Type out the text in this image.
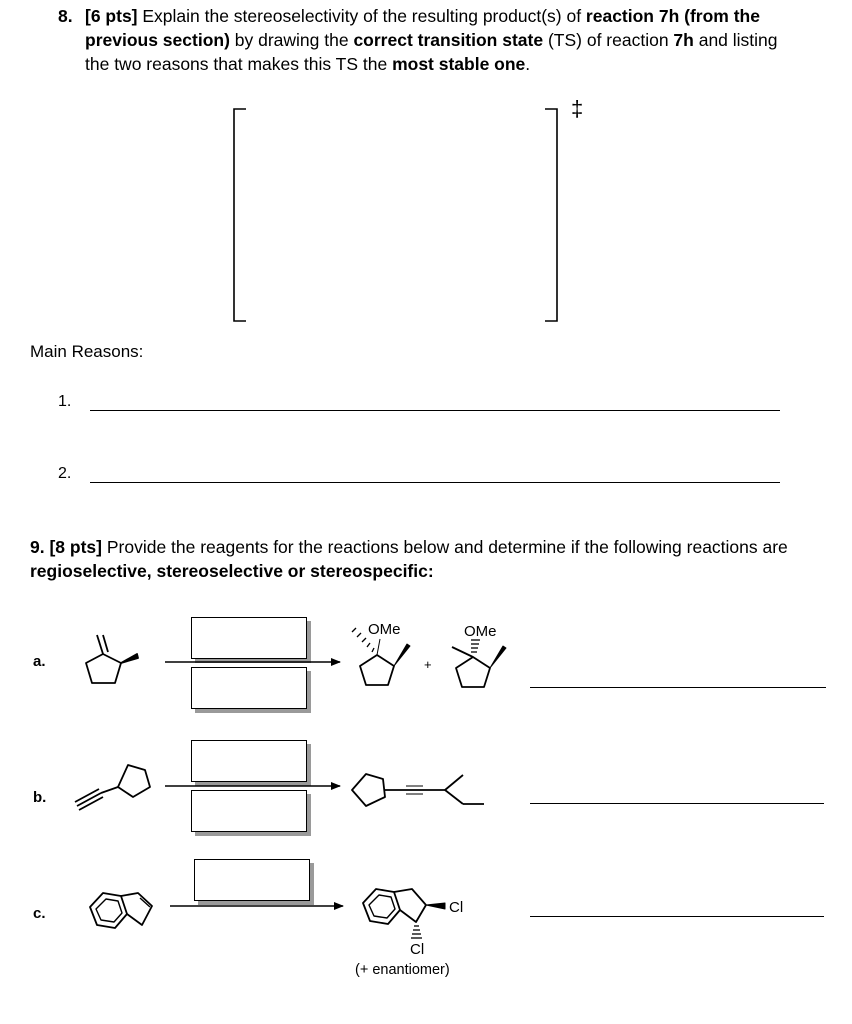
8. [6 pts] Explain the stereoselectivity of the resulting product(s) of reaction 7h (from the previous section) by drawing the correct transition state (TS) of reaction 7h and listing the two reasons that makes this TS the most stable one.
‡
Main Reasons:
1.
2.
9. [8 pts] Provide the reagents for the reactions below and determine if the following reactions are regioselective, stereoselective or stereospecific:
a.
b.
c.
OMe
+
OMe
Cl
Cl
(+ enantiomer)
